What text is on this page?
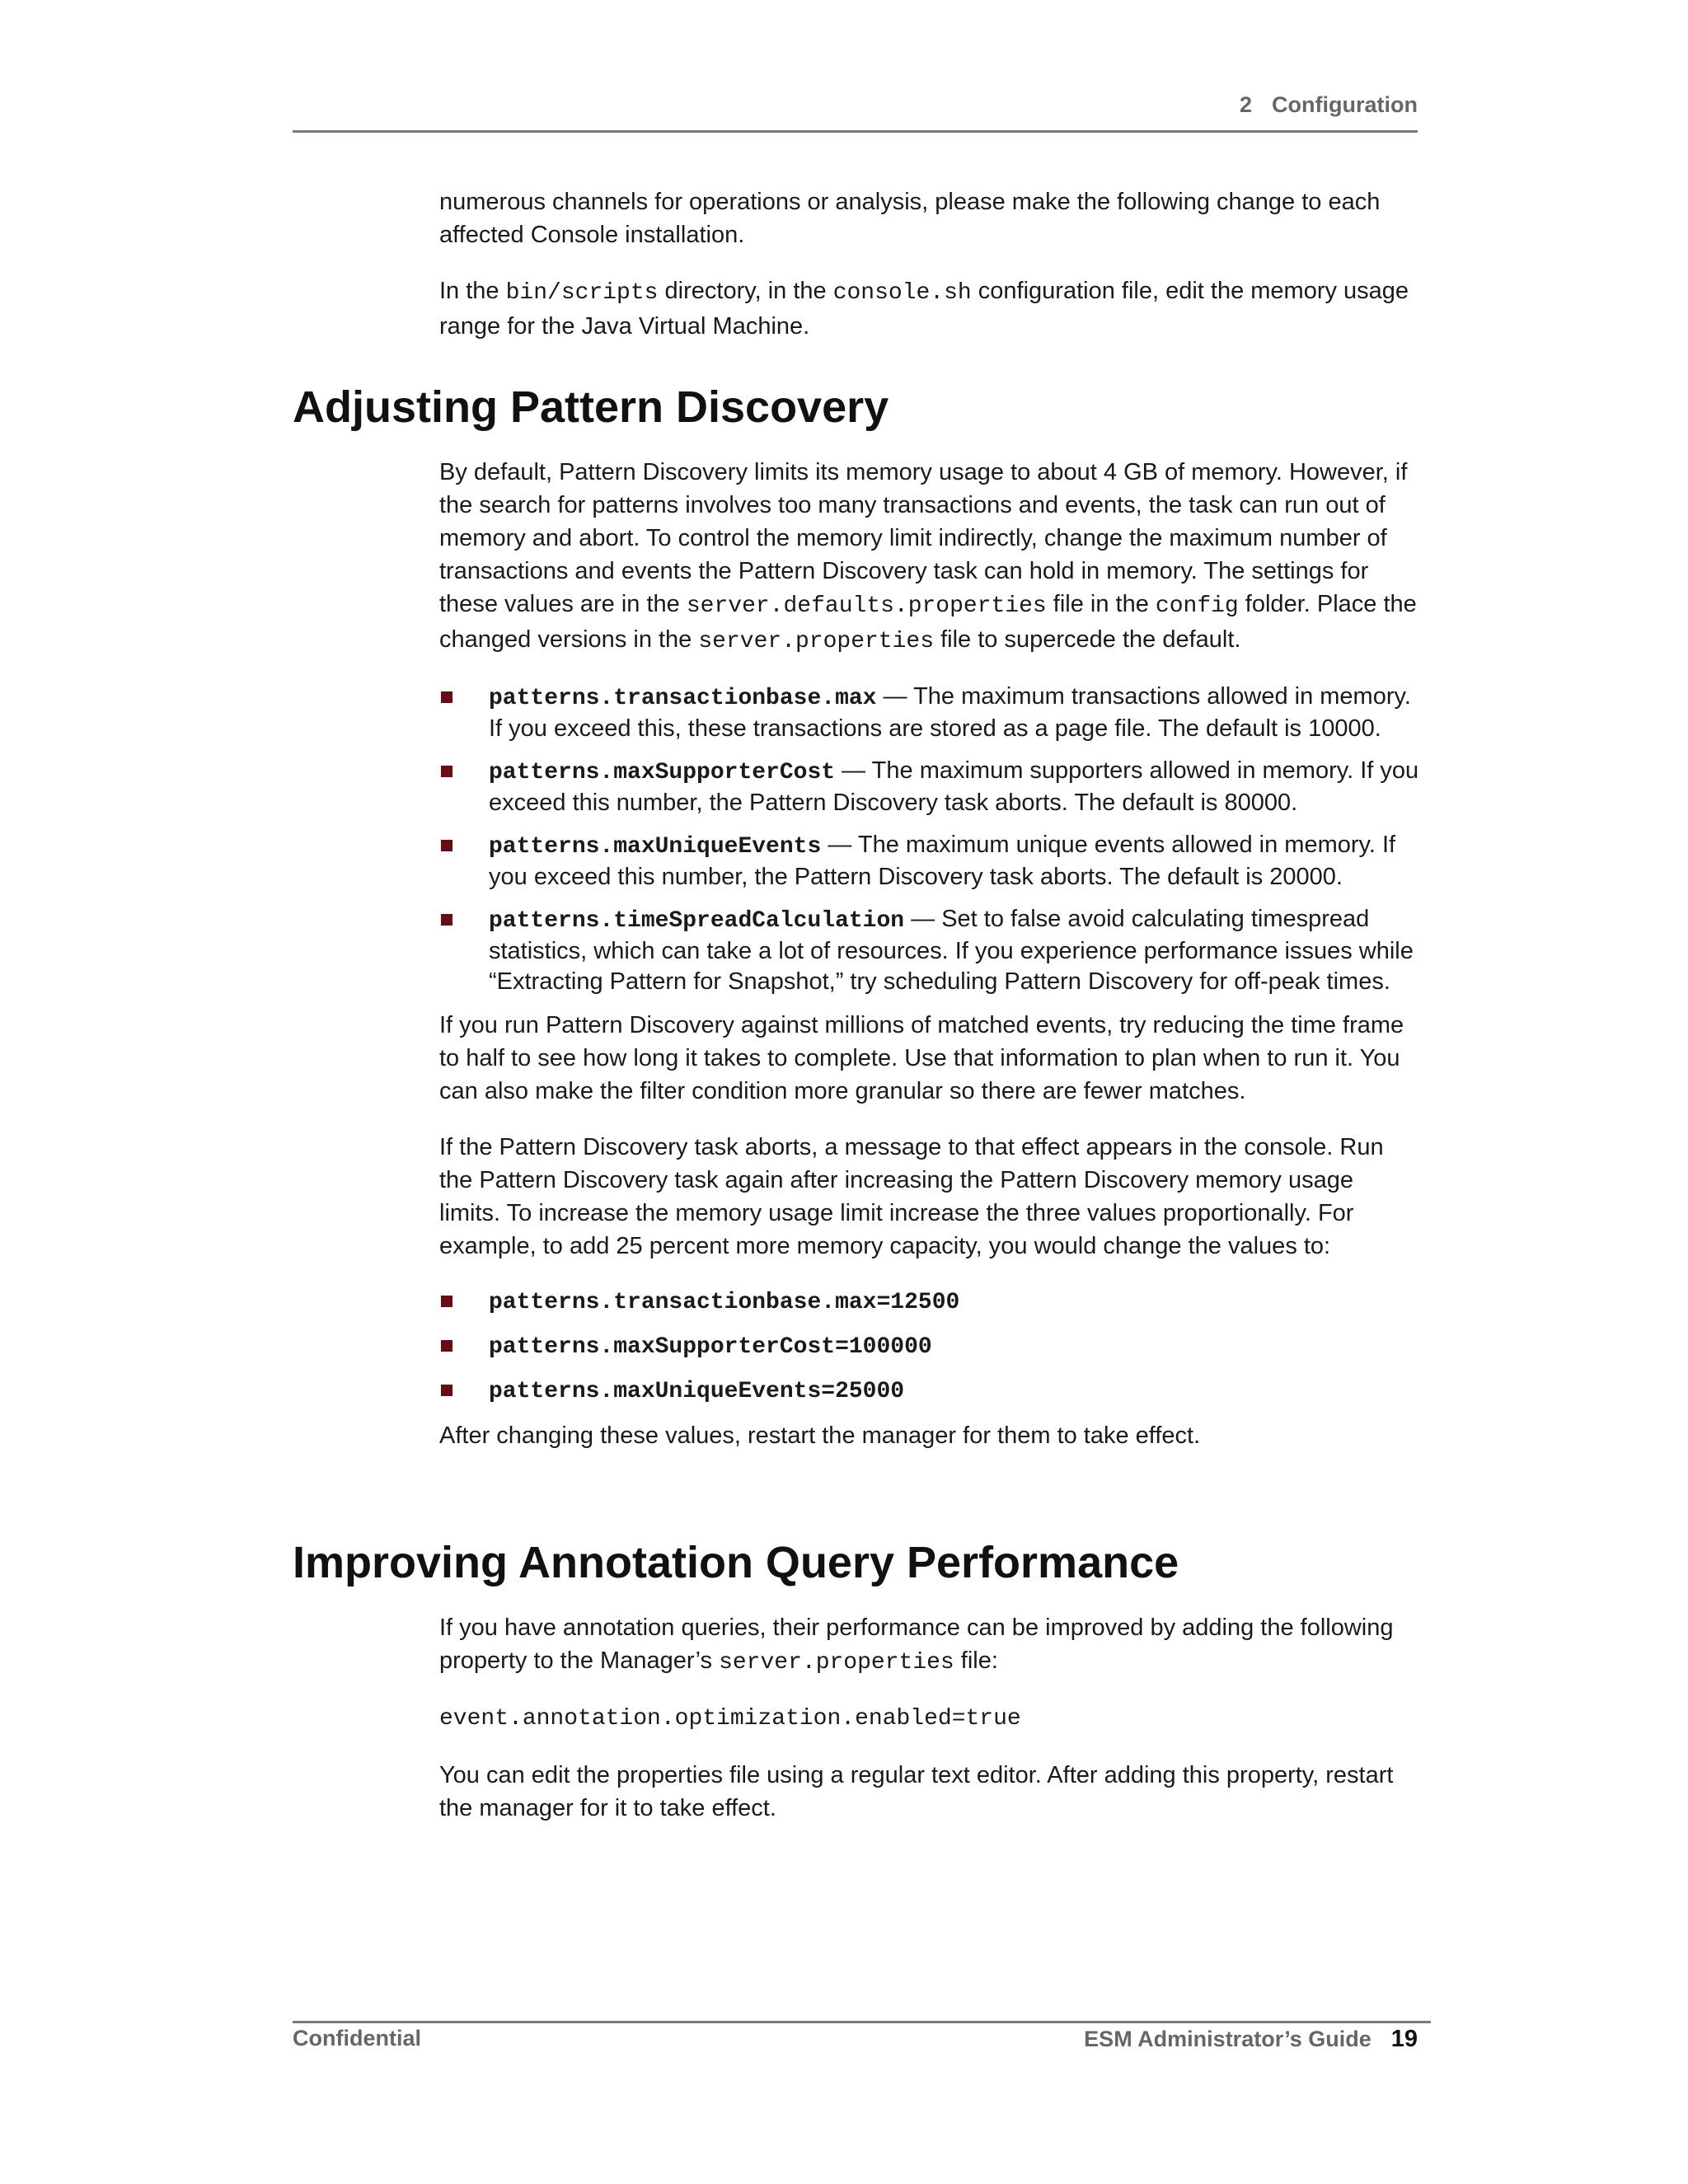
2 Configuration

numerous channels for operations or analysis, please make the following change to each affected Console installation.

In the bin/scripts directory, in the console.sh configuration file, edit the memory usage range for the Java Virtual Machine.

Adjusting Pattern Discovery

By default, Pattern Discovery limits its memory usage to about 4 GB of memory. However, if the search for patterns involves too many transactions and events, the task can run out of memory and abort. To control the memory limit indirectly, change the maximum number of transactions and events the Pattern Discovery task can hold in memory. The settings for these values are in the server.defaults.properties file in the config folder. Place the changed versions in the server.properties file to supercede the default.

patterns.transactionbase.max — The maximum transactions allowed in memory. If you exceed this, these transactions are stored as a page file. The default is 10000.
patterns.maxSupporterCost — The maximum supporters allowed in memory. If you exceed this number, the Pattern Discovery task aborts. The default is 80000.
patterns.maxUniqueEvents — The maximum unique events allowed in memory. If you exceed this number, the Pattern Discovery task aborts. The default is 20000.
patterns.timeSpreadCalculation — Set to false avoid calculating timespread statistics, which can take a lot of resources. If you experience performance issues while “Extracting Pattern for Snapshot,” try scheduling Pattern Discovery for off-peak times.

If you run Pattern Discovery against millions of matched events, try reducing the time frame to half to see how long it takes to complete. Use that information to plan when to run it. You can also make the filter condition more granular so there are fewer matches.

If the Pattern Discovery task aborts, a message to that effect appears in the console. Run the Pattern Discovery task again after increasing the Pattern Discovery memory usage limits. To increase the memory usage limit increase the three values proportionally. For example, to add 25 percent more memory capacity, you would change the values to:

patterns.transactionbase.max=12500
patterns.maxSupporterCost=100000
patterns.maxUniqueEvents=25000

After changing these values, restart the manager for them to take effect.

Improving Annotation Query Performance

If you have annotation queries, their performance can be improved by adding the following property to the Manager’s server.properties file:

event.annotation.optimization.enabled=true

You can edit the properties file using a regular text editor. After adding this property, restart the manager for it to take effect.

Confidential	ESM Administrator’s Guide 19
